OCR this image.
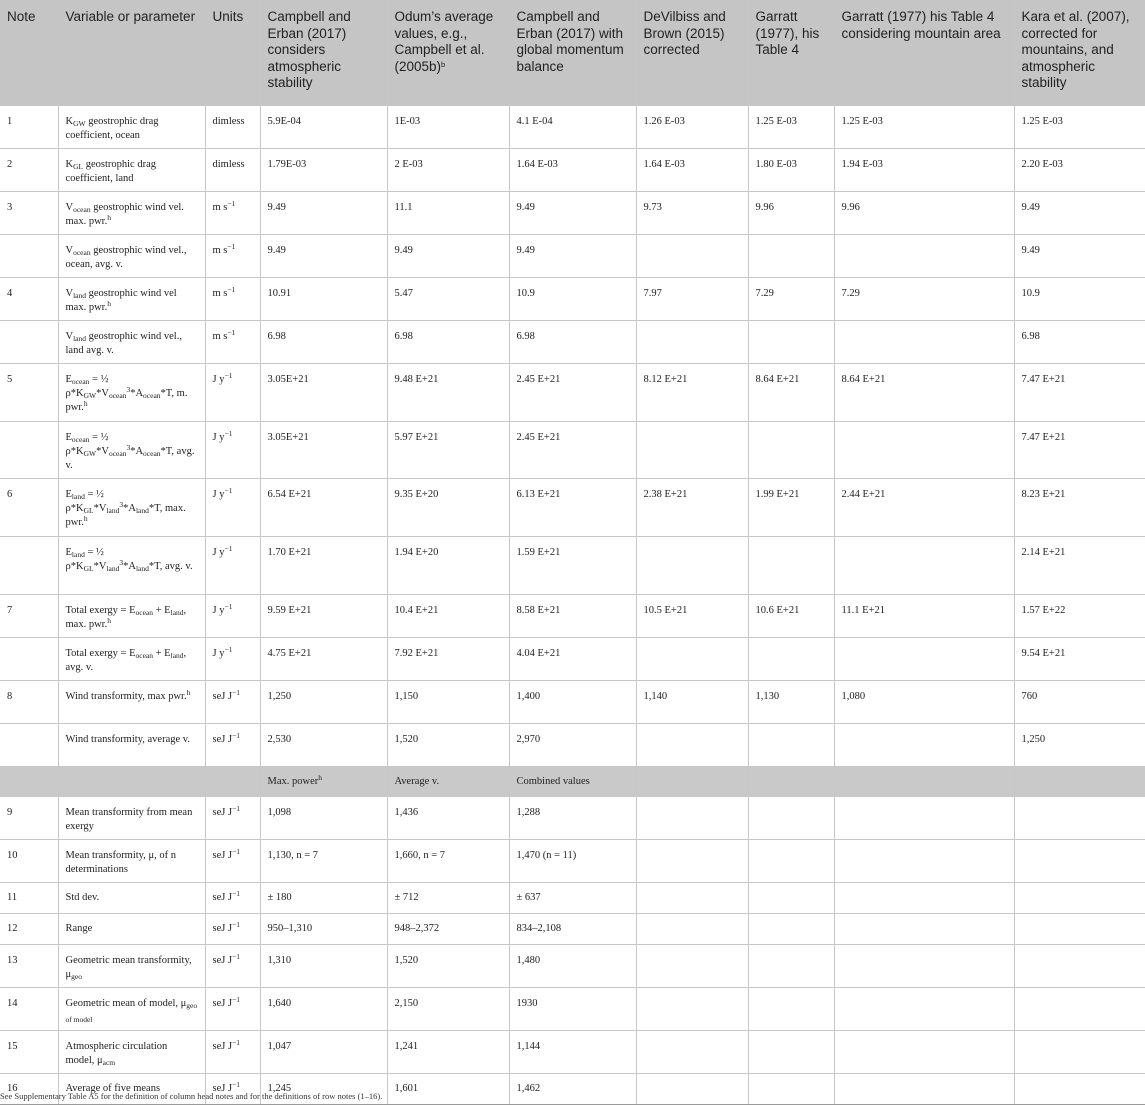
Note	Variable or parameter	Units	Campbell and Erban (2017) considers atmospheric stability	Odum’s average values, e.g., Campbell et al. $(2005b)^b$	Campbell and Erban (2017) with global momentum balance	DeVilbiss and Brown (2015) corrected	Garratt (1977), his Table 4	Garratt (1977) his Table 4 considering mountain area	Kara et al. (2007), corrected for mountains, and atmospheric stability
1	$K_{GW}$ geostrophic drag coefficient, ocean	dimless	5.9E-04	1E-03	4.1 E-04	1.26 E-03	1.25 E-03	1.25 E-03	1.25 E-03
2	$K_{GL}$ geostrophic drag coefficient, land	dimless	1.79E-03	2 E-03	1.64 E-03	1.64 E-03	1.80 E-03	1.94 E-03	2.20 E-03
3	$V_{ocean}$ geostrophic wind vel. max. pwr.$^h$	m $s^{-1}$	9.49	11.1	9.49	9.73	9.96	9.96	9.49
	$V_{ocean}$ geostrophic wind vel., ocean, avg. v.	m $s^{-1}$	9.49	9.49	9.49				9.49
4	$V_{land}$ geostrophic wind vel max. pwr.$^h$	m $s^{-1}$	10.91	5.47	10.9	7.97	7.29	7.29	10.9
	$V_{land}$ geostrophic wind vel., land avg. v.	m $s^{-1}$	6.98	6.98	6.98				6.98
5	$E_{ocean}$ = ½ $\rho*K_{GW}*V_{ocean}^3*A_{ocean}*T$, m. pwr.$^h$	J $y^{-1}$	3.05E+21	9.48 E+21	2.45 E+21	8.12 E+21	8.64 E+21	8.64 E+21	7.47 E+21
	$E_{ocean}$ = ½ $\rho*K_{GW}*V_{ocean}^3*A_{ocean}*T$, avg. v.	J $y^{-1}$	3.05E+21	5.97 E+21	2.45 E+21				7.47 E+21
6	$E_{land}$ = ½ $\rho*K_{GL}*V_{land}^3*A_{land}*T$, max. pwr.$^h$	J $y^{-1}$	6.54 E+21	9.35 E+20	6.13 E+21	2.38 E+21	1.99 E+21	2.44 E+21	8.23 E+21
	$E_{land}$ = ½ $\rho*K_{GL}*V_{land}^3*A_{land}*T$, avg. v.	J $y^{-1}$	1.70 E+21	1.94 E+20	1.59 E+21				2.14 E+21
7	Total exergy = $E_{ocean} + E_{land}$, max. pwr.$^h$	J $y^{-1}$	9.59 E+21	10.4 E+21	8.58 E+21	10.5 E+21	10.6 E+21	11.1 E+21	1.57 E+22
	Total exergy = $E_{ocean} + E_{land}$, avg. v.	J $y^{-1}$	4.75 E+21	7.92 E+21	4.04 E+21				9.54 E+21
8	Wind transformity, max pwr.$^h$	seJ $J^{-1}$	1,250	1,150	1,400	1,140	1,130	1,080	760
	Wind transformity, average v.	seJ $J^{-1}$	2,530	1,520	2,970				1,250
			Max. power$^h$	Average v.	Combined values				
9	Mean transformity from mean exergy	seJ $J^{-1}$	1,098	1,436	1,288				
10	Mean transformity, μ, of n determinations	seJ $J^{-1}$	1,130, n = 7	1,660, n = 7	1,470 (n = 11)				
11	Std dev.	seJ $J^{-1}$	± 180	± 712	± 637				
12	Range	seJ $J^{-1}$	950–1,310	948–2,372	834–2,108				
13	Geometric mean transformity, $\mu_{geo}$	seJ $J^{-1}$	1,310	1,520	1,480				
14	Geometric mean of model, $\mu_{geo of model}$	seJ $J^{-1}$	1,640	2,150	1930				
15	Atmospheric circulation model, $\mu_{acm}$	seJ $J^{-1}$	1,047	1,241	1,144				
16	Average of five means	seJ $J^{-1}$	1,245	1,601	1,462				
See Supplementary Table A5 for the definition of column head notes and for the definitions of row notes (1–16).
